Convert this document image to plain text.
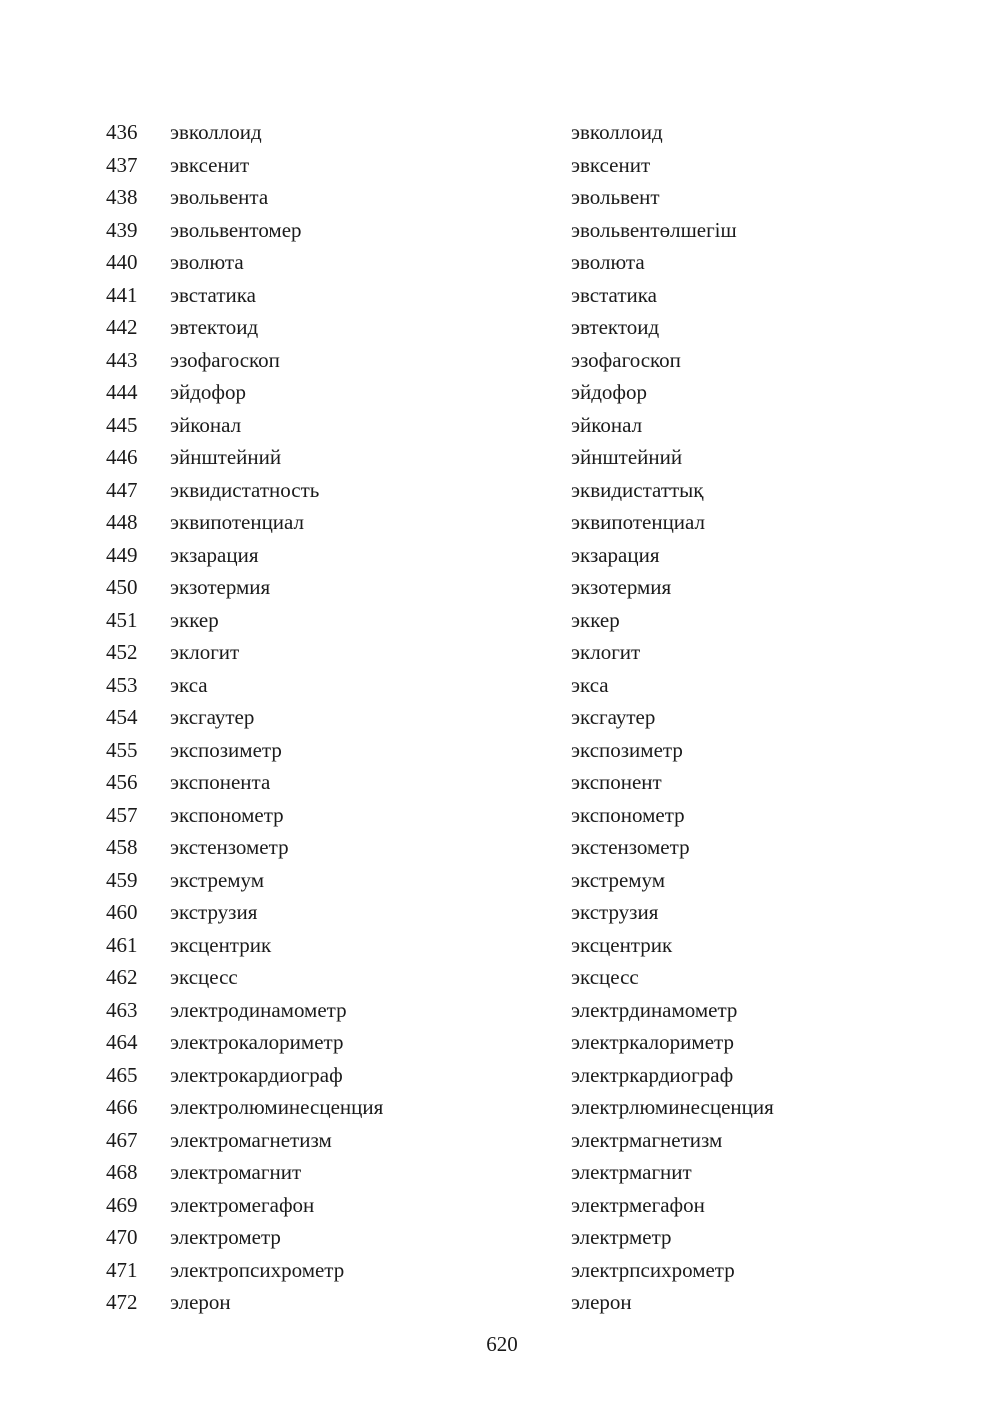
436 эвколлоид	эвколлоид
437 эвксенит	эвксенит
438 эвольвента	эвольвент
439 эвольвентомер	эвольвентөлшегіш
440 эволюта	эволюта
441 эвстатика	эвстатика
442 эвтектоид	эвтектоид
443 эзофагоскоп	эзофагоскоп
444 эйдофор	эйдофор
445 эйконал	эйконал
446 эйнштейний	эйнштейний
447 эквидистатность	эквидистаттық
448 эквипотенциал	эквипотенциал
449 экзарация	экзарация
450 экзотермия	экзотермия
451 эккер	эккер
452 эклогит	эклогит
453 экса	экса
454 эксгаутер	эксгаутер
455 экспозиметр	экспозиметр
456 экспонента	экспонент
457 экспонометр	экспонометр
458 экстензометр	экстензометр
459 экстремум	экстремум
460 экструзия	экструзия
461 эксцентрик	эксцентрик
462 эксцесс	эксцесс
463 электродинамометр	электрдинамометр
464 электрокалориметр	электркалориметр
465 электрокардиограф	электркардиограф
466 электролюминесценция	электрлюминесценция
467 электромагнетизм	электрмагнетизм
468 электромагнит	электрмагнит
469 электромегафон	электрмегафон
470 электрометр	электрметр
471 электропсихрометр	электрпсихрометр
472 элерон	элерон
620
